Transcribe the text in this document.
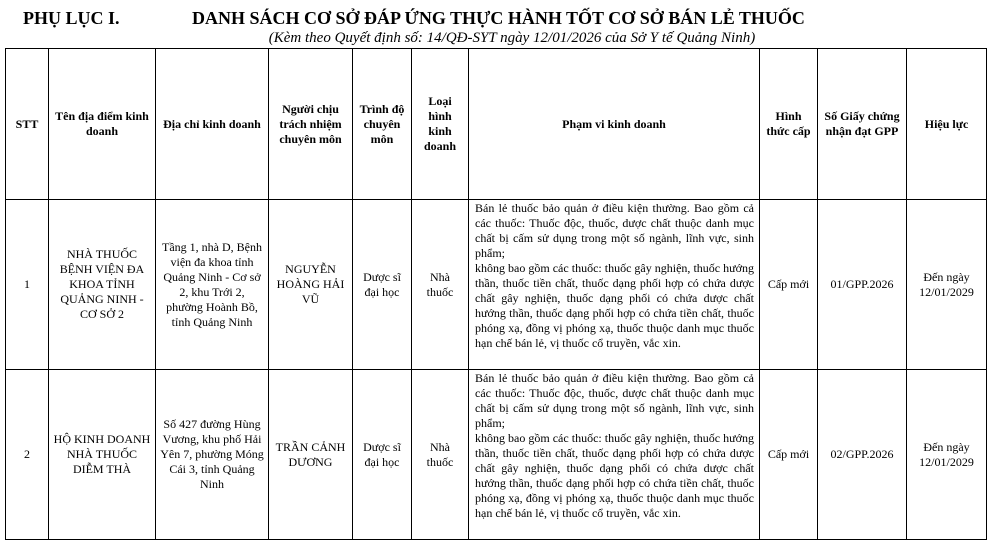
PHỤ LỤC I.	DANH SÁCH CƠ SỞ ĐÁP ỨNG THỰC HÀNH TỐT CƠ SỞ BÁN LẺ THUỐC
(Kèm theo Quyết định số: 14/QĐ-SYT ngày 12/01/2026 của Sở Y tế Quảng Ninh)
STT	Tên địa điểm kinh doanh	Địa chỉ kinh doanh	Người chịu trách nhiệm chuyên môn	Trình độ chuyên môn	Loại hình kinh doanh	Phạm vi kinh doanh	Hình thức cấp	Số Giấy chứng nhận đạt GPP	Hiệu lực
1	NHÀ THUỐC BỆNH VIỆN ĐA KHOA TỈNH QUẢNG NINH - CƠ SỞ 2	Tầng 1, nhà D, Bệnh viện đa khoa tỉnh Quảng Ninh - Cơ sở 2, khu Trới 2, phường Hoành Bồ, tỉnh Quảng Ninh	NGUYỄN HOÀNG HẢI VŨ	Dược sĩ đại học	Nhà thuốc	Bán lẻ thuốc bảo quản ở điều kiện thường. Bao gồm cả các thuốc: Thuốc độc, thuốc, dược chất thuộc danh mục chất bị cấm sử dụng trong một số ngành, lĩnh vực, sinh phẩm;
không bao gồm các thuốc: thuốc gây nghiện, thuốc hướng thần, thuốc tiền chất, thuốc dạng phối hợp có chứa dược chất gây nghiện, thuốc dạng phối có chứa dược chất hướng thần, thuốc dạng phối hợp có chứa tiền chất, thuốc phóng xạ, đồng vị phóng xạ, thuốc thuộc danh mục thuốc hạn chế bán lẻ, vị thuốc cổ truyền, vắc xin.	Cấp mới	01/GPP.2026	Đến ngày 12/01/2029
2	HỘ KINH DOANH NHÀ THUỐC DIỄM THÀ	Số 427 đường Hùng Vương, khu phố Hải Yên 7, phường Móng Cái 3, tỉnh Quảng Ninh	TRẦN CẢNH DƯƠNG	Dược sĩ đại học	Nhà thuốc	Bán lẻ thuốc bảo quản ở điều kiện thường. Bao gồm cả các thuốc: Thuốc độc, thuốc, dược chất thuộc danh mục chất bị cấm sử dụng trong một số ngành, lĩnh vực, sinh phẩm;
không bao gồm các thuốc: thuốc gây nghiện, thuốc hướng thần, thuốc tiền chất, thuốc dạng phối hợp có chứa dược chất gây nghiện, thuốc dạng phối có chứa dược chất hướng thần, thuốc dạng phối hợp có chứa tiền chất, thuốc phóng xạ, đồng vị phóng xạ, thuốc thuộc danh mục thuốc hạn chế bán lẻ, vị thuốc cổ truyền, vắc xin.	Cấp mới	02/GPP.2026	Đến ngày 12/01/2029
